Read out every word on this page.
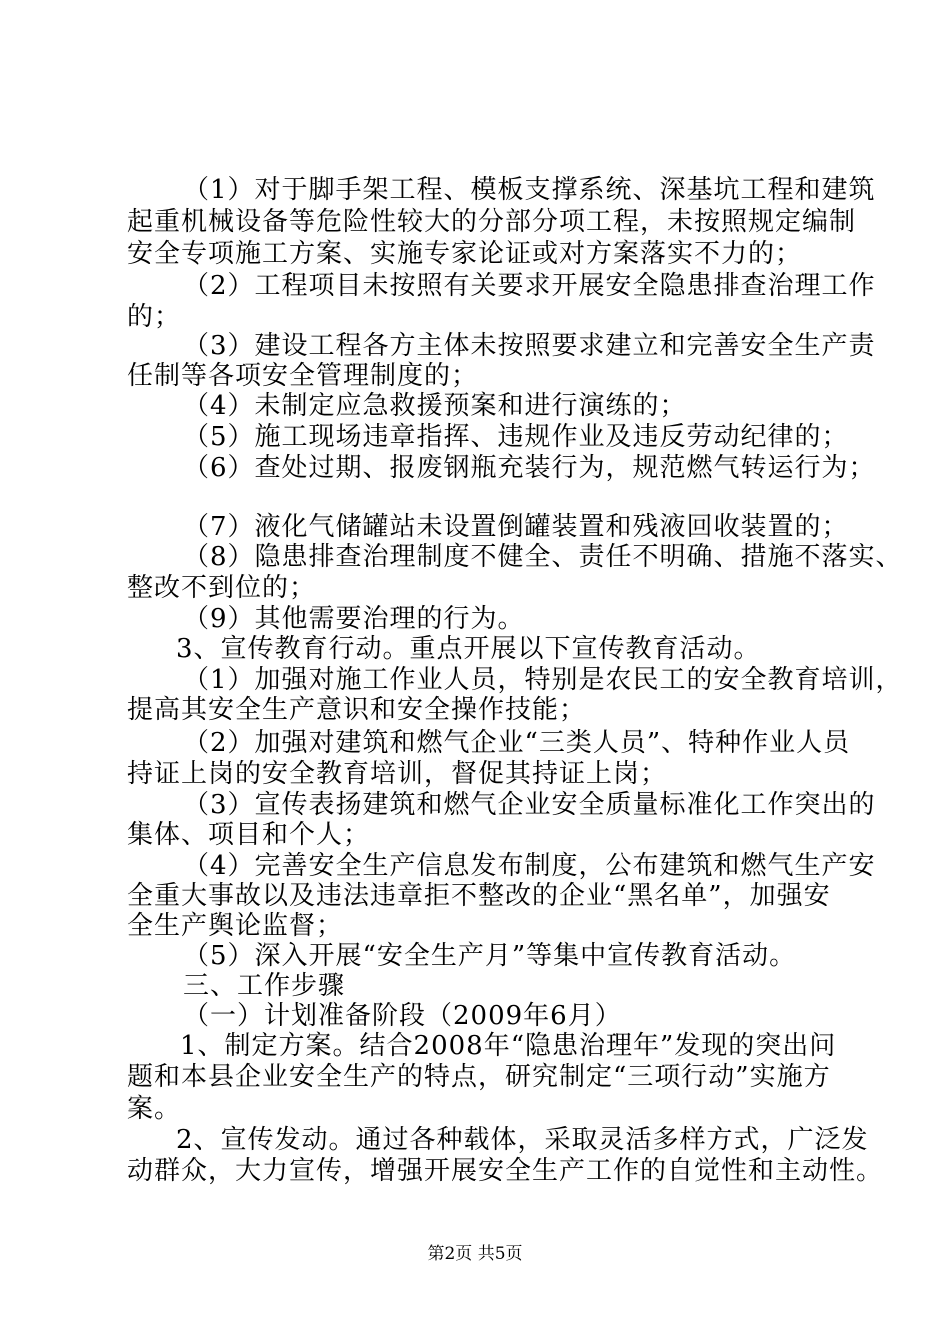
（1）对于脚手架工程、模板支撑系统、深基坑工程和建筑
起重机械设备等危险性较大的分部分项工程，未按照规定编制
安全专项施工方案、实施专家论证或对方案落实不力的；
（2）工程项目未按照有关要求开展安全隐患排查治理工作
的；
（3）建设工程各方主体未按照要求建立和完善安全生产责
任制等各项安全管理制度的；
（4）未制定应急救援预案和进行演练的；
（5）施工现场违章指挥、违规作业及违反劳动纪律的；
（6）查处过期、报废钢瓶充装行为，规范燃气转运行为；
（7）液化气储罐站未设置倒罐装置和残液回收装置的；
（8）隐患排查治理制度不健全、责任不明确、措施不落实、
整改不到位的；
（9）其他需要治理的行为。
3、宣传教育行动。重点开展以下宣传教育活动。
（1）加强对施工作业人员，特别是农民工的安全教育培训，
提高其安全生产意识和安全操作技能；
（2）加强对建筑和燃气企业“三类人员”、特种作业人员
持证上岗的安全教育培训，督促其持证上岗；
（3）宣传表扬建筑和燃气企业安全质量标准化工作突出的
集体、项目和个人；
（4）完善安全生产信息发布制度，公布建筑和燃气生产安
全重大事故以及违法违章拒不整改的企业“黑名单”，加强安
全生产舆论监督；
（5）深入开展“安全生产月”等集中宣传教育活动。
三、工作步骤
（一）计划准备阶段（2009年6月）
1、制定方案。结合2008年“隐患治理年”发现的突出问
题和本县企业安全生产的特点，研究制定“三项行动”实施方
案。
2、宣传发动。通过各种载体，采取灵活多样方式，广泛发
动群众，大力宣传，增强开展安全生产工作的自觉性和主动性。
第2页 共5页
